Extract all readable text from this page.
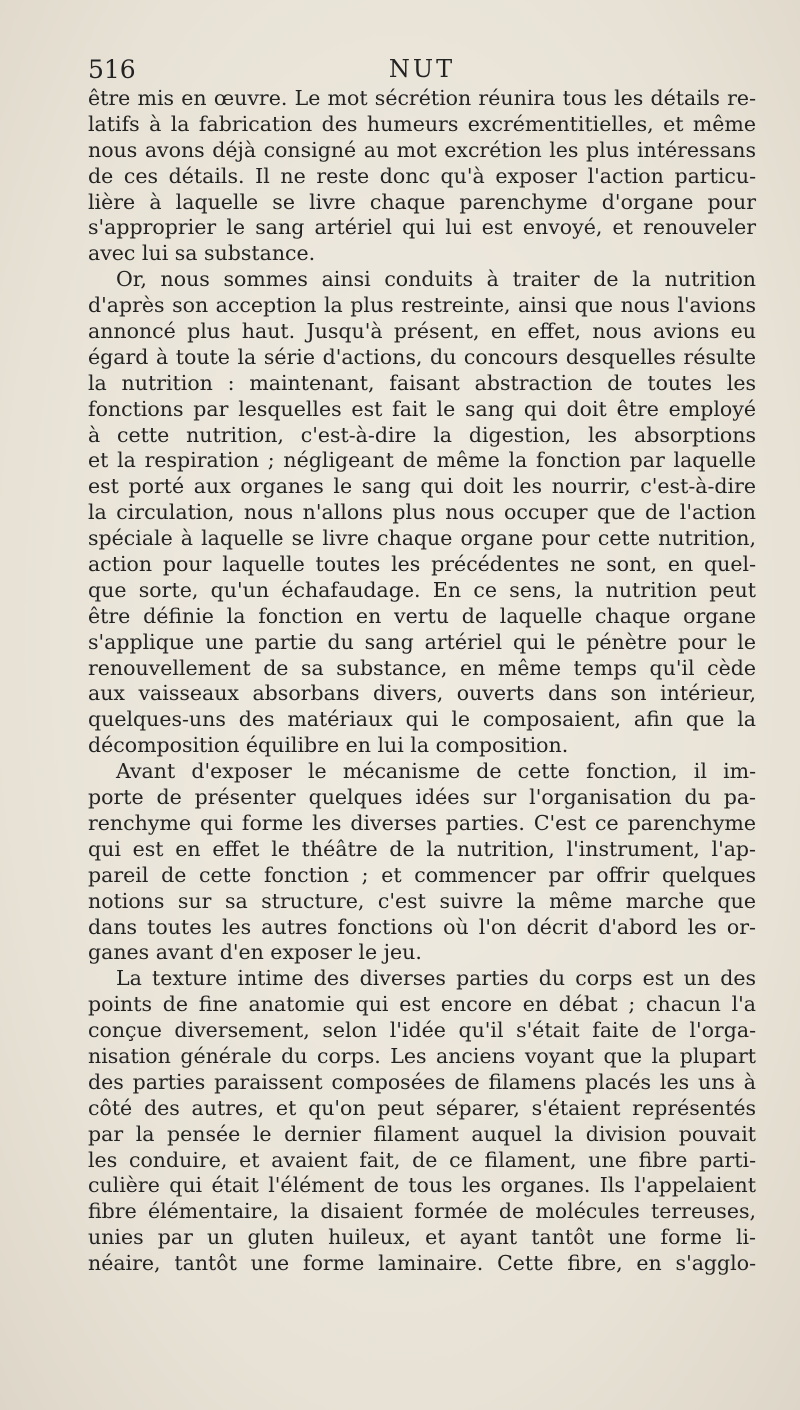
516	NUT
être mis en œuvre. Le mot sécrétion réunira tous les détails re-
latifs à la fabrication des humeurs excrémentitielles, et même
nous avons déjà consigné au mot excrétion les plus intéressans
de ces détails. Il ne reste donc qu'à exposer l'action particu-
lière à laquelle se livre chaque parenchyme d'organe pour
s'approprier le sang artériel qui lui est envoyé, et renouveler
avec lui sa substance.
Or, nous sommes ainsi conduits à traiter de la nutrition
d'après son acception la plus restreinte, ainsi que nous l'avions
annoncé plus haut. Jusqu'à présent, en effet, nous avions eu
égard à toute la série d'actions, du concours desquelles résulte
la nutrition : maintenant, faisant abstraction de toutes les
fonctions par lesquelles est fait le sang qui doit être employé
à cette nutrition, c'est-à-dire la digestion, les absorptions
et la respiration ; négligeant de même la fonction par laquelle
est porté aux organes le sang qui doit les nourrir, c'est-à-dire
la circulation, nous n'allons plus nous occuper que de l'action
spéciale à laquelle se livre chaque organe pour cette nutrition,
action pour laquelle toutes les précédentes ne sont, en quel-
que sorte, qu'un échafaudage. En ce sens, la nutrition peut
être définie la fonction en vertu de laquelle chaque organe
s'applique une partie du sang artériel qui le pénètre pour le
renouvellement de sa substance, en même temps qu'il cède
aux vaisseaux absorbans divers, ouverts dans son intérieur,
quelques-uns des matériaux qui le composaient, afin que la
décomposition équilibre en lui la composition.
Avant d'exposer le mécanisme de cette fonction, il im-
porte de présenter quelques idées sur l'organisation du pa-
renchyme qui forme les diverses parties. C'est ce parenchyme
qui est en effet le théâtre de la nutrition, l'instrument, l'ap-
pareil de cette fonction ; et commencer par offrir quelques
notions sur sa structure, c'est suivre la même marche que
dans toutes les autres fonctions où l'on décrit d'abord les or-
ganes avant d'en exposer le jeu.
La texture intime des diverses parties du corps est un des
points de fine anatomie qui est encore en débat ; chacun l'a
conçue diversement, selon l'idée qu'il s'était faite de l'orga-
nisation générale du corps. Les anciens voyant que la plupart
des parties paraissent composées de filamens placés les uns à
côté des autres, et qu'on peut séparer, s'étaient représentés
par la pensée le dernier filament auquel la division pouvait
les conduire, et avaient fait, de ce filament, une fibre parti-
culière qui était l'élément de tous les organes. Ils l'appelaient
fibre élémentaire, la disaient formée de molécules terreuses,
unies par un gluten huileux, et ayant tantôt une forme li-
néaire, tantôt une forme laminaire. Cette fibre, en s'agglo-
